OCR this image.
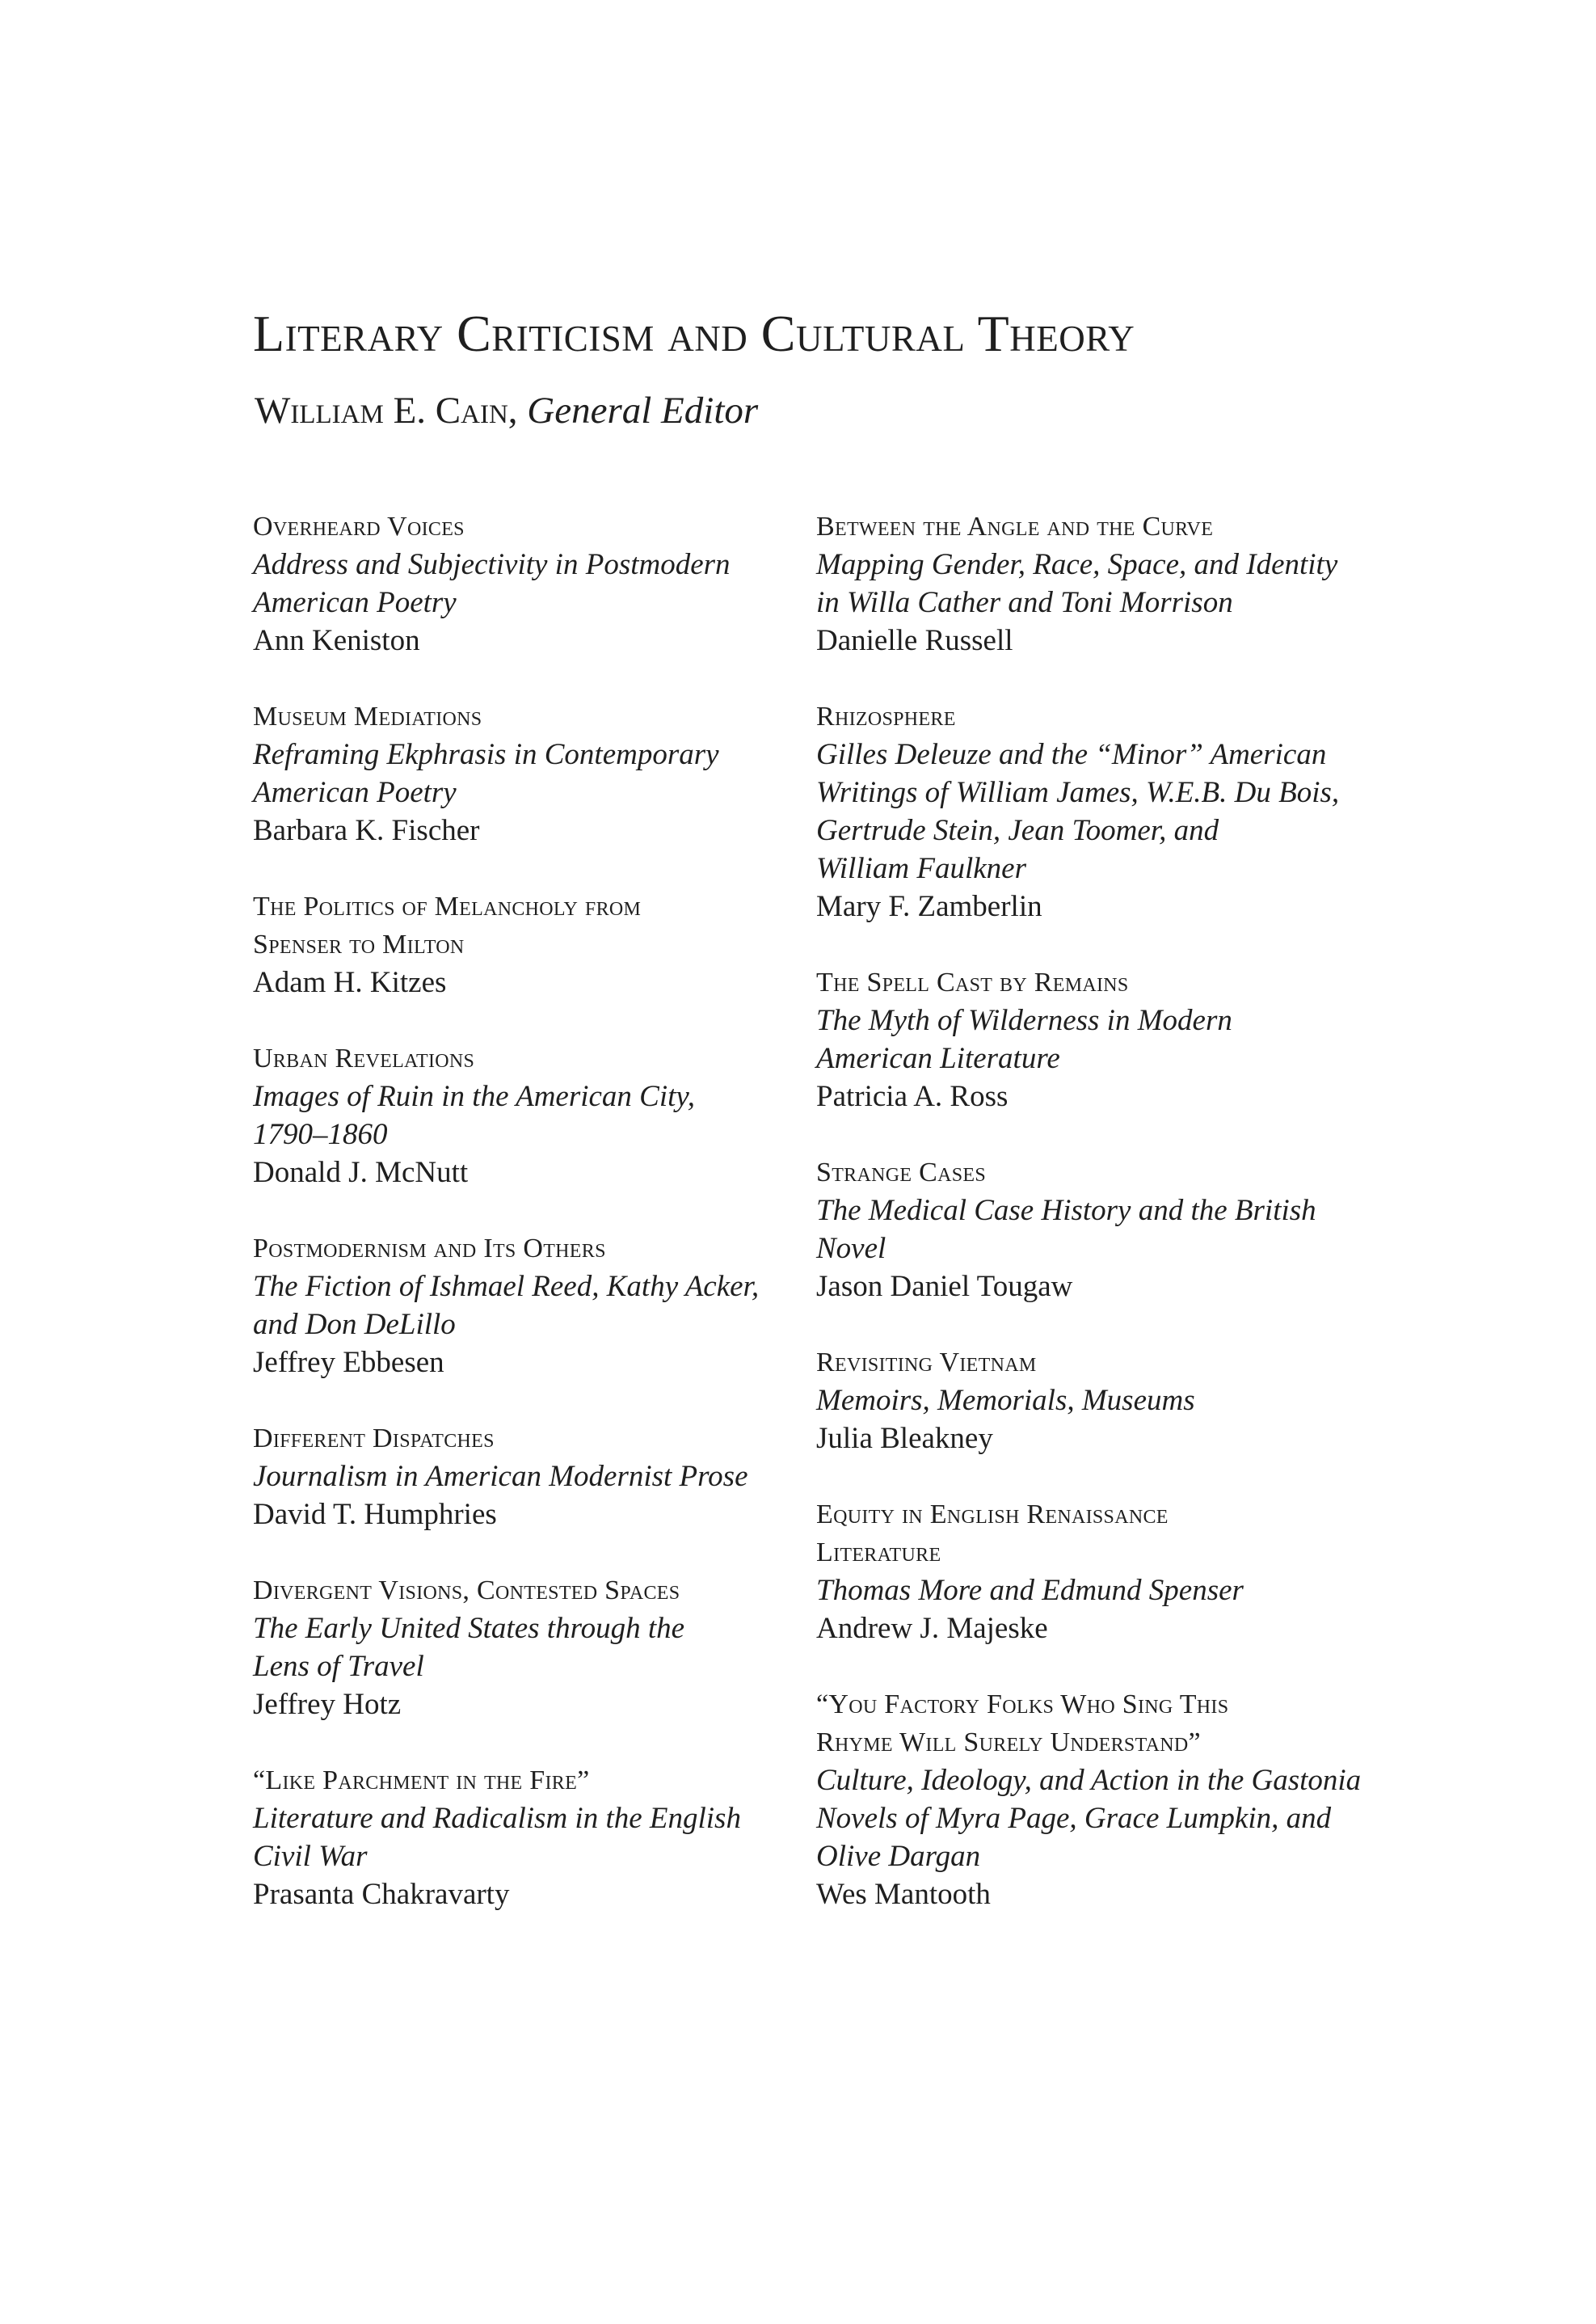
Literary Criticism and Cultural Theory

William E. Cain, General Editor

Overheard Voices
Address and Subjectivity in Postmodern
American Poetry
Ann Keniston
Museum Mediations
Reframing Ekphrasis in Contemporary
American Poetry
Barbara K. Fischer
The Politics of Melancholy from
Spenser to Milton
Adam H. Kitzes
Urban Revelations
Images of Ruin in the American City,
1790–1860
Donald J. McNutt
Postmodernism and Its Others
The Fiction of Ishmael Reed, Kathy Acker,
and Don DeLillo
Jeffrey Ebbesen
Different Dispatches
Journalism in American Modernist Prose
David T. Humphries
Divergent Visions, Contested Spaces
The Early United States through the
Lens of Travel
Jeffrey Hotz
“Like Parchment in the Fire”
Literature and Radicalism in the English
Civil War
Prasanta Chakravarty
Between the Angle and the Curve
Mapping Gender, Race, Space, and Identity
in Willa Cather and Toni Morrison
Danielle Russell
Rhizosphere
Gilles Deleuze and the “Minor” American
Writings of William James, W.E.B. Du Bois,
Gertrude Stein, Jean Toomer, and
William Faulkner
Mary F. Zamberlin
The Spell Cast by Remains
The Myth of Wilderness in Modern
American Literature
Patricia A. Ross
Strange Cases
The Medical Case History and the British
Novel
Jason Daniel Tougaw
Revisiting Vietnam
Memoirs, Memorials, Museums
Julia Bleakney
Equity in English Renaissance
Literature
Thomas More and Edmund Spenser
Andrew J. Majeske
“You Factory Folks Who Sing This
Rhyme Will Surely Understand”
Culture, Ideology, and Action in the Gastonia
Novels of Myra Page, Grace Lumpkin, and
Olive Dargan
Wes Mantooth
